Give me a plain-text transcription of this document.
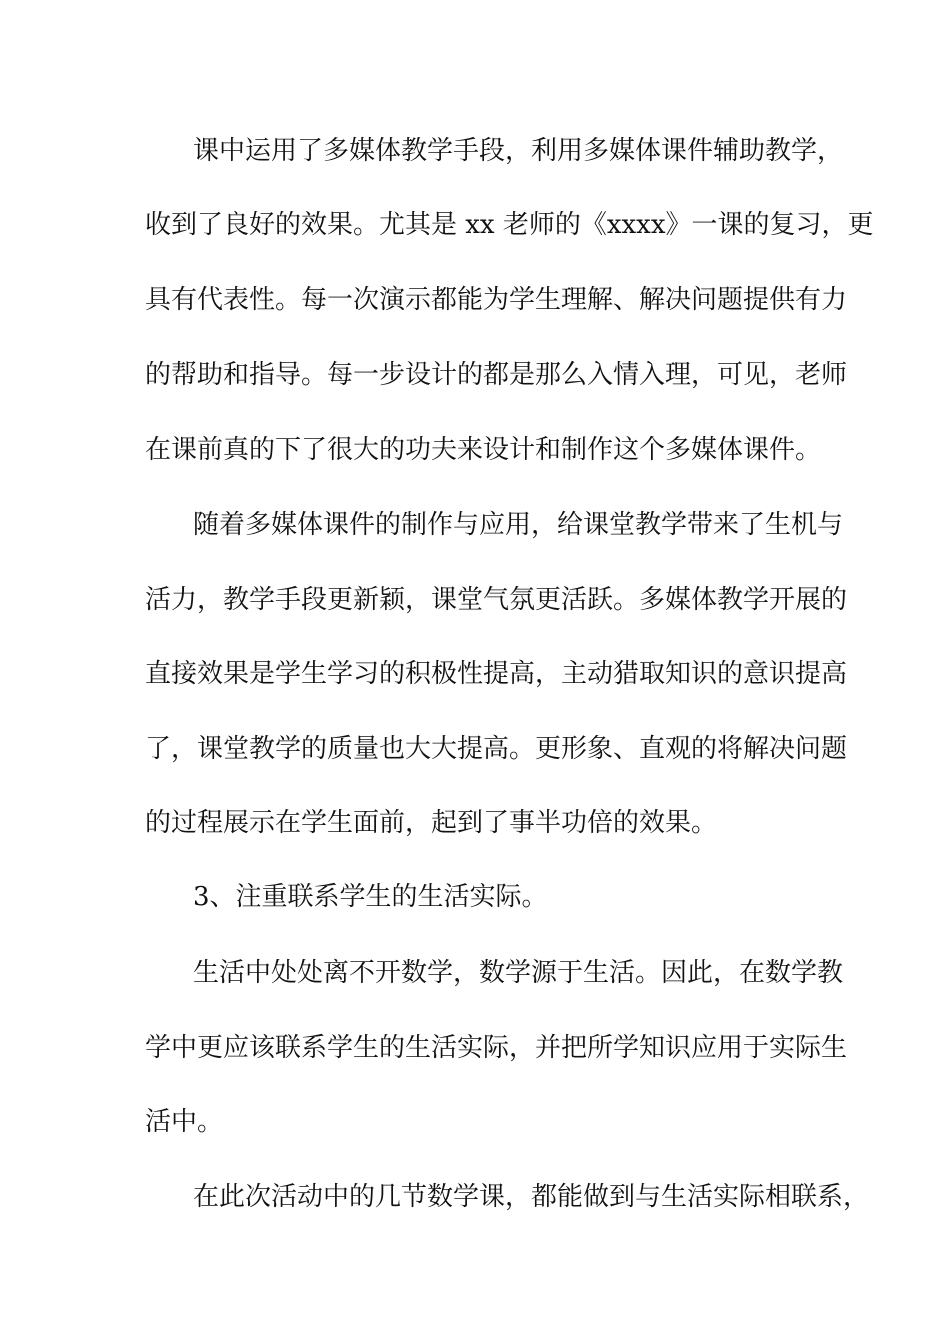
课中运用了多媒体教学手段，利用多媒体课件辅助教学，
收到了良好的效果。尤其是 xx 老师的《xxxx》一课的复习，更
具有代表性。每一次演示都能为学生理解、解决问题提供有力
的帮助和指导。每一步设计的都是那么入情入理，可见，老师
在课前真的下了很大的功夫来设计和制作这个多媒体课件。
随着多媒体课件的制作与应用，给课堂教学带来了生机与
活力，教学手段更新颖，课堂气氛更活跃。多媒体教学开展的
直接效果是学生学习的积极性提高，主动猎取知识的意识提高
了，课堂教学的质量也大大提高。更形象、直观的将解决问题
的过程展示在学生面前，起到了事半功倍的效果。
3、注重联系学生的生活实际。
生活中处处离不开数学，数学源于生活。因此，在数学教
学中更应该联系学生的生活实际，并把所学知识应用于实际生
活中。
在此次活动中的几节数学课，都能做到与生活实际相联系，
